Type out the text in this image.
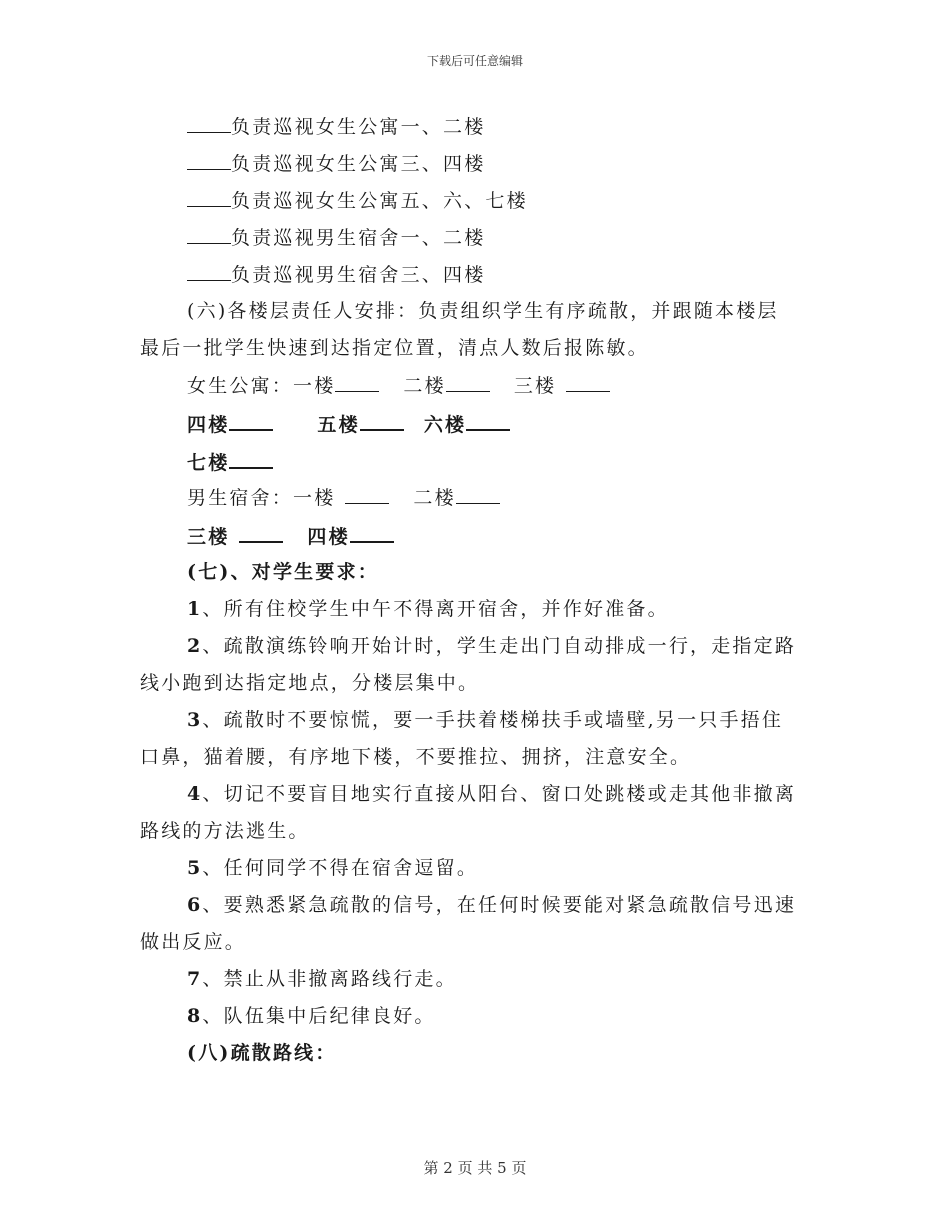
下载后可任意编辑
负责巡视女生公寓一、二楼
负责巡视女生公寓三、四楼
负责巡视女生公寓五、六、七楼
负责巡视男生宿舍一、二楼
负责巡视男生宿舍三、四楼
(六)各楼层责任人安排：负责组织学生有序疏散，并跟随本楼层
最后一批学生快速到达指定位置，清点人数后报陈敏。
女生公寓：一楼	二楼	三楼
四楼	五楼	六楼
七楼
男生宿舍：一楼	二楼
三楼	四楼
(七)、对学生要求：
1、所有住校学生中午不得离开宿舍，并作好准备。
2、疏散演练铃响开始计时，学生走出门自动排成一行，走指定路
线小跑到达指定地点，分楼层集中。
3、疏散时不要惊慌，要一手扶着楼梯扶手或墙壁,另一只手捂住
口鼻，猫着腰，有序地下楼，不要推拉、拥挤，注意安全。
4、切记不要盲目地实行直接从阳台、窗口处跳楼或走其他非撤离
路线的方法逃生。
5、任何同学不得在宿舍逗留。
6、要熟悉紧急疏散的信号，在任何时候要能对紧急疏散信号迅速
做出反应。
7、禁止从非撤离路线行走。
8、队伍集中后纪律良好。
(八)疏散路线：
第 2 页 共 5 页
